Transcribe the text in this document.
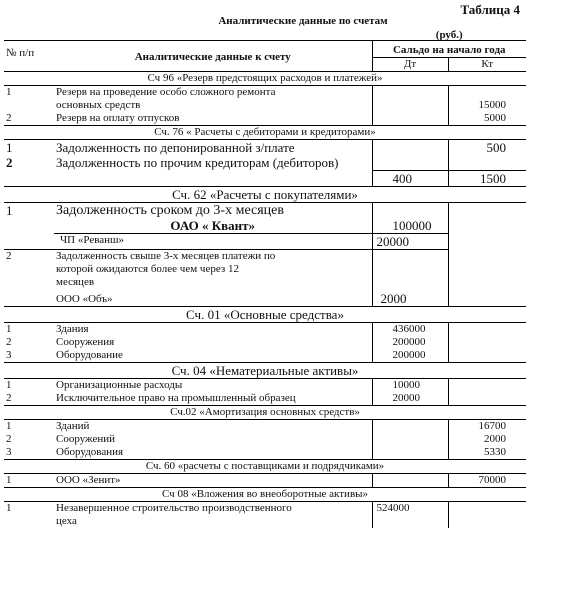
Таблица 4
Аналитические данные по счетам
№ п/п	Аналитические данные к счету	(руб.)
Сальдо на начало года	

		Дт	Кт
Сч 96 «Резерв предстоящих расходов и платежей»			
1	Резерв на проведение особо сложного ремонта
основных средств		15000
2	Резерв на оплату отпусков		5000
Сч. 76 « Расчеты с дебиторами и кредиторами»			
1	Задолженность по депонированной з/плате		500
2	Задолженность по прочим кредиторам (дебиторов)		
		400	1500
Сч. 62 «Расчеты с покупателями»			
1	Задолженность сроком до 3-х месяцев
ОАО « Квант»	100000	
	ЧП «Реванш»	20000	
2	Задолженность свыше 3-х месяцев платежи по
которой ожидаются более чем через 12
месяцев
ООО «Объ»	2000	
Сч. 01 «Основные средства»			
1	Здания	436000	
2	Сооружения	200000	
3	Оборудование	200000	
Сч. 04 «Нематериальные активы»			
1	Организационные расходы	10000	
2	Исключительное право на промышленный образец	20000	
Сч.02 «Амортизация основных средств»			
1	Зданий		16700
2	Сооружений		2000
3	Оборудования		5330
Сч. 60 «расчеты с поставщиками и подрядчиками»			
1	ООО «Зенит»		70000
Сч 08 «Вложения во внеоборотные активы»			
1	Незавершенное строительство производственного
цеха	524000	
